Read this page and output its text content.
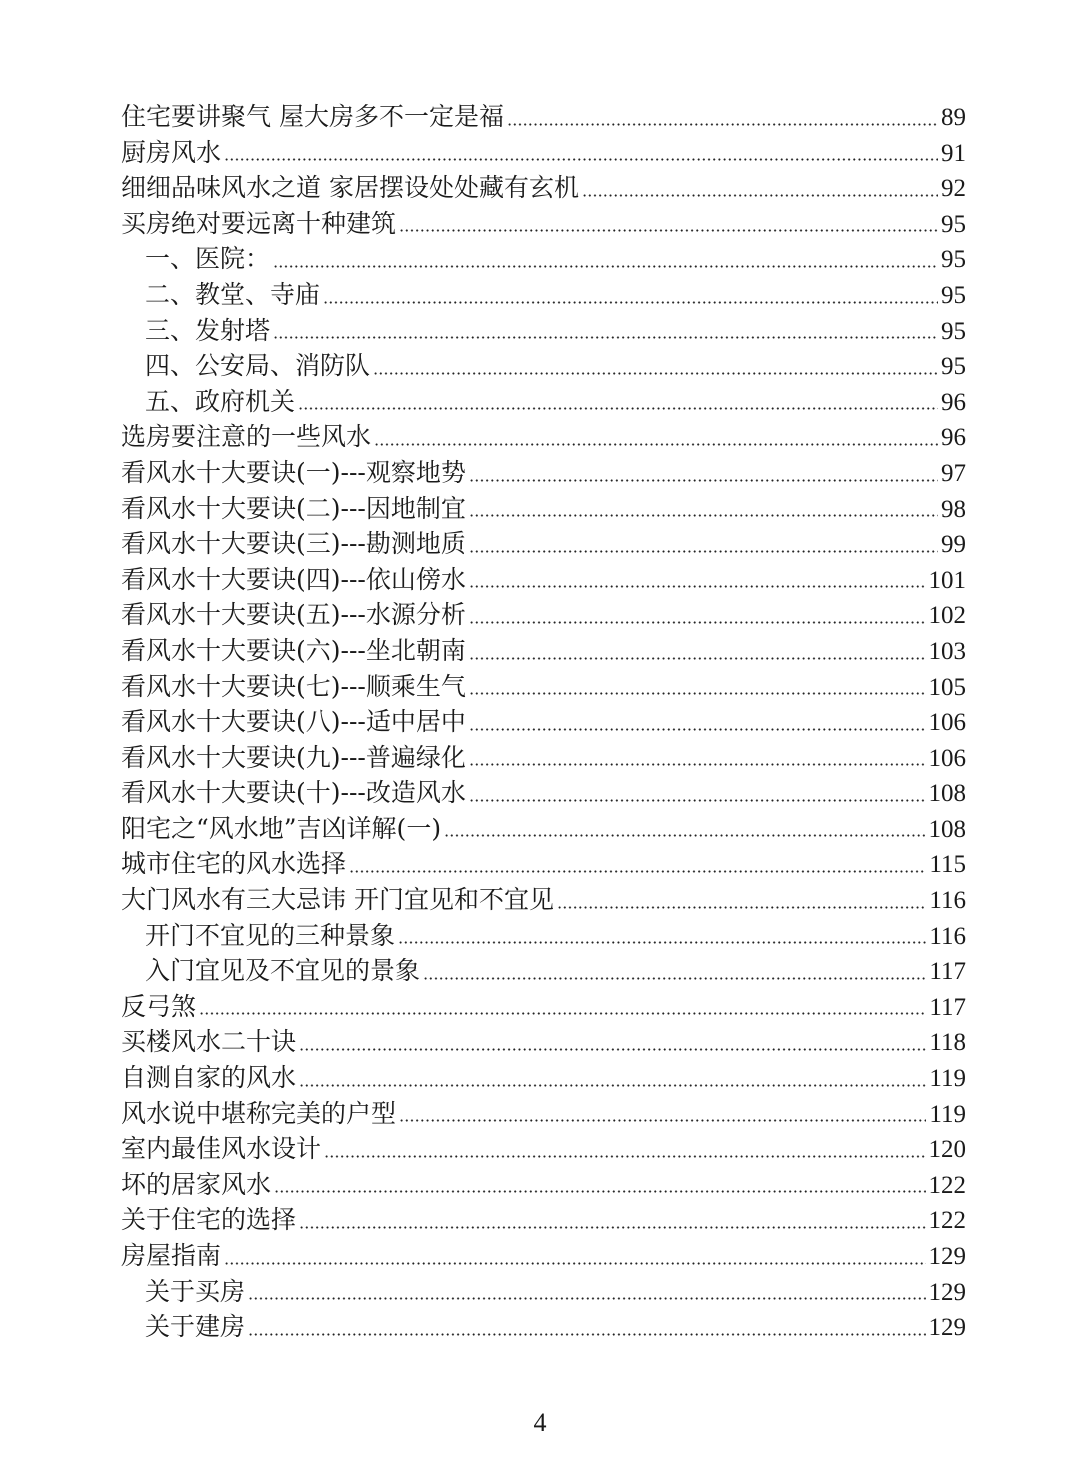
住宅要讲聚气 屋大房多不一定是福	89
厨房风水	91
细细品味风水之道 家居摆设处处藏有玄机	92
买房绝对要远离十种建筑	95
一、医院：	95
二、教堂、寺庙	95
三、发射塔	95
四、公安局、消防队	95
五、政府机关	96
选房要注意的一些风水	96
看风水十大要诀(一)---观察地势	97
看风水十大要诀(二)---因地制宜	98
看风水十大要诀(三)---勘测地质	99
看风水十大要诀(四)---依山傍水	101
看风水十大要诀(五)---水源分析	102
看风水十大要诀(六)---坐北朝南	103
看风水十大要诀(七)---顺乘生气	105
看风水十大要诀(八)---适中居中	106
看风水十大要诀(九)---普遍绿化	106
看风水十大要诀(十)---改造风水	108
阳宅之“风水地”吉凶详解(一)	108
城市住宅的风水选择	115
大门风水有三大忌讳 开门宜见和不宜见	116
开门不宜见的三种景象	116
入门宜见及不宜见的景象	117
反弓煞	117
买楼风水二十诀	118
自测自家的风水	119
风水说中堪称完美的户型	119
室内最佳风水设计	120
坏的居家风水	122
关于住宅的选择	122
房屋指南	129
关于买房	129
关于建房	129
4
